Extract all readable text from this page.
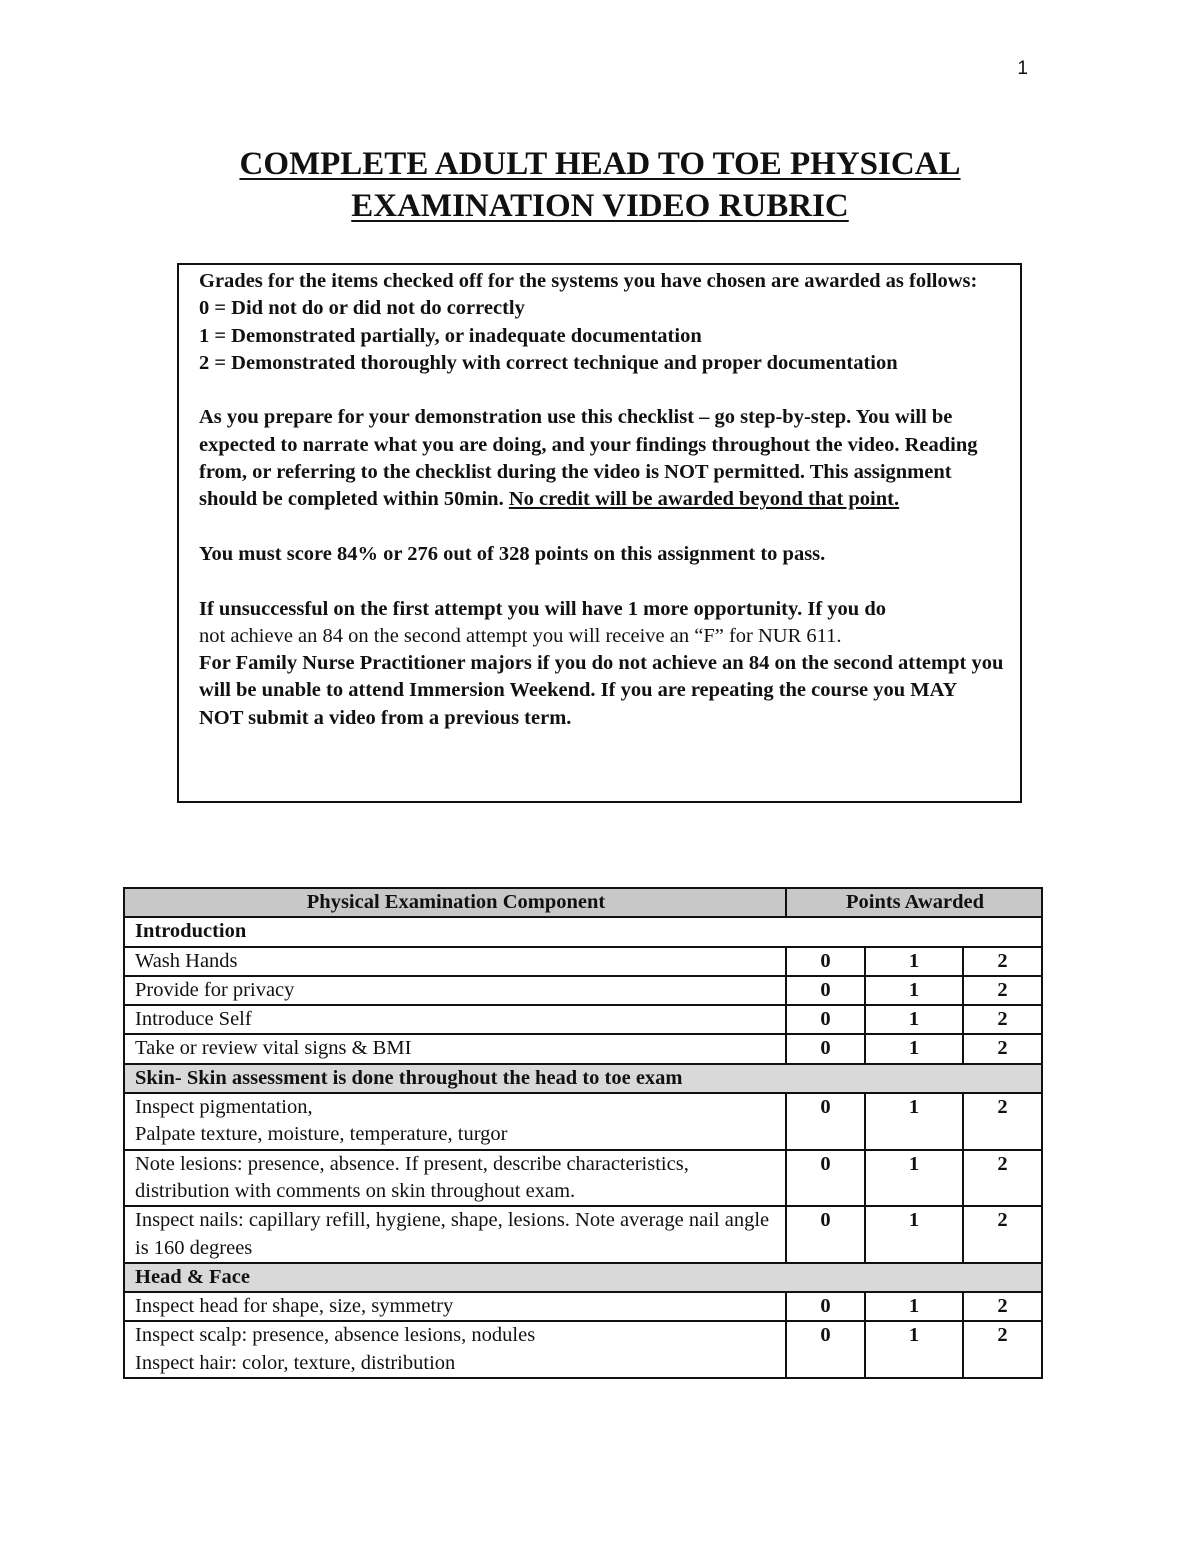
1
COMPLETE ADULT HEAD TO TOE PHYSICAL
EXAMINATION VIDEO RUBRIC

Grades for the items checked off for the systems you have chosen are awarded as follows:

0 = Did not do or did not do correctly

1 = Demonstrated partially, or inadequate documentation

2 = Demonstrated thoroughly with correct technique and proper documentation

As you prepare for your demonstration use this checklist – go step-by-step. You will be expected to narrate what you are doing, and your findings throughout the video. Reading from, or referring to the checklist during the video is NOT permitted. This assignment should be completed within 50min. No credit will be awarded beyond that point.

You must score 84% or 276 out of 328 points on this assignment to pass.

If unsuccessful on the first attempt you will have 1 more opportunity. If you do
not achieve an 84 on the second attempt you will receive an “F” for NUR 611.
For Family Nurse Practitioner majors if you do not achieve an 84 on the second attempt you will be unable to attend Immersion Weekend. If you are repeating the course you MAY NOT submit a video from a previous term.

Physical Examination Component	Points Awarded		
Introduction			
Wash Hands	0	1	2
Provide for privacy	0	1	2
Introduce Self	0	1	2
Take or review vital signs & BMI	0	1	2
Skin- Skin assessment is done throughout the head to toe exam			
Inspect pigmentation,
Palpate texture, moisture, temperature, turgor	0	1	2
Note lesions: presence, absence. If present, describe characteristics, distribution with comments on skin throughout exam.	0	1	2
Inspect nails: capillary refill, hygiene, shape, lesions. Note average nail angle is 160 degrees	0	1	2
Head & Face			
Inspect head for shape, size, symmetry	0	1	2
Inspect scalp: presence, absence lesions, nodules
Inspect hair: color, texture, distribution	0	1	2
